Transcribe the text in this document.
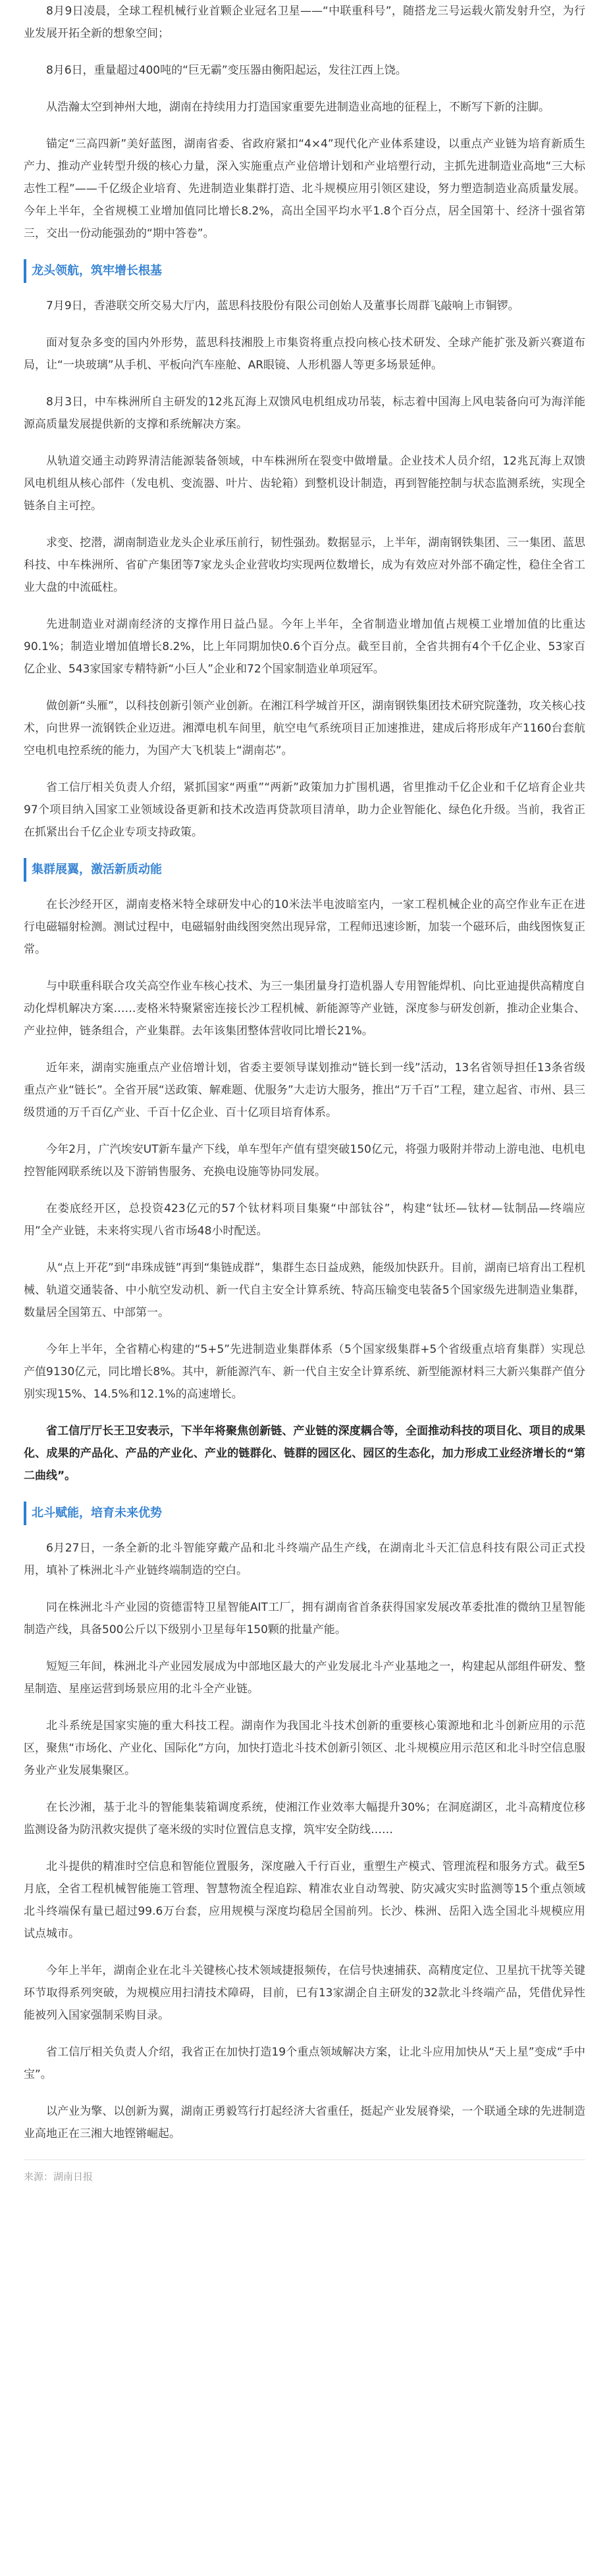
8月9日凌晨，全球工程机械行业首颗企业冠名卫星——“中联重科号”，随搭龙三号运载火箭发射升空，为行业发展开拓全新的想象空间；

8月6日，重量超过400吨的“巨无霸”变压器由衡阳起运，发往江西上饶。

从浩瀚太空到神州大地，湖南在持续用力打造国家重要先进制造业高地的征程上，不断写下新的注脚。

锚定“三高四新”美好蓝图，湖南省委、省政府紧扣“4×4”现代化产业体系建设，以重点产业链为培育新质生产力、推动产业转型升级的核心力量，深入实施重点产业倍增计划和产业培塑行动，主抓先进制造业高地“三大标志性工程”——千亿级企业培育、先进制造业集群打造、北斗规模应用引领区建设，努力塑造制造业高质量发展。今年上半年，全省规模工业增加值同比增长8.2%，高出全国平均水平1.8个百分点，居全国第十、经济十强省第三，交出一份动能强劲的“期中答卷”。

龙头领航，筑牢增长根基

7月9日，香港联交所交易大厅内，蓝思科技股份有限公司创始人及董事长周群飞敲响上市铜锣。

面对复杂多变的国内外形势，蓝思科技湘股上市集资将重点投向核心技术研发、全球产能扩张及新兴赛道布局，让“一块玻璃”从手机、平板向汽车座舱、AR眼镜、人形机器人等更多场景延伸。

8月3日，中车株洲所自主研发的12兆瓦海上双馈风电机组成功吊装，标志着中国海上风电装备向可为海洋能源高质量发展提供新的支撑和系统解决方案。

从轨道交通主动跨界清洁能源装备领域，中车株洲所在裂变中做增量。企业技术人员介绍，12兆瓦海上双馈风电机组从核心部件（发电机、变流器、叶片、齿轮箱）到整机设计制造，再到智能控制与状态监测系统，实现全链条自主可控。

求变、挖潜，湖南制造业龙头企业承压前行，韧性强劲。数据显示，上半年，湖南钢铁集团、三一集团、蓝思科技、中车株洲所、省矿产集团等7家龙头企业营收均实现两位数增长，成为有效应对外部不确定性，稳住全省工业大盘的中流砥柱。

先进制造业对湖南经济的支撑作用日益凸显。今年上半年，全省制造业增加值占规模工业增加值的比重达90.1%；制造业增加值增长8.2%，比上年同期加快0.6个百分点。截至目前，全省共拥有4个千亿企业、53家百亿企业、543家国家专精特新“小巨人”企业和72个国家制造业单项冠军。

做创新“头雁”，以科技创新引领产业创新。在湘江科学城首开区，湖南钢铁集团技术研究院蓬勃，攻关核心技术，向世界一流钢铁企业迈进。湘潭电机车间里，航空电气系统项目正加速推进，建成后将形成年产1160台套航空电机电控系统的能力，为国产大飞机装上“湖南芯”。

省工信厅相关负责人介绍，紧抓国家“两重”“两新”政策加力扩围机遇，省里推动千亿企业和千亿培育企业共97个项目纳入国家工业领域设备更新和技术改造再贷款项目清单，助力企业智能化、绿色化升级。当前，我省正在抓紧出台千亿企业专项支持政策。

集群展翼，激活新质动能

在长沙经开区，湖南麦格米特全球研发中心的10米法半电波暗室内，一家工程机械企业的高空作业车正在进行电磁辐射检测。测试过程中，电磁辐射曲线图突然出现异常，工程师迅速诊断，加装一个磁环后，曲线图恢复正常。

与中联重科联合攻关高空作业车核心技术、为三一集团量身打造机器人专用智能焊机、向比亚迪提供高精度自动化焊机解决方案……麦格米特聚紧密连接长沙工程机械、新能源等产业链，深度参与研发创新，推动企业集合、产业拉伸，链条组合，产业集群。去年该集团整体营收同比增长21%。

近年来，湖南实施重点产业倍增计划，省委主要领导谋划推动“链长到一线”活动，13名省领导担任13条省级重点产业“链长”。全省开展“送政策、解难题、优服务”大走访大服务，推出“万千百”工程，建立起省、市州、县三级贯通的万千百亿产业、千百十亿企业、百十亿项目培育体系。

今年2月，广汽埃安UT新车量产下线，单车型年产值有望突破150亿元，将强力吸附并带动上游电池、电机电控智能网联系统以及下游销售服务、充换电设施等协同发展。

在娄底经开区，总投资423亿元的57个钛材料项目集聚“中部钛谷”，构建“钛坯—钛材—钛制品—终端应用”全产业链，未来将实现八省市场48小时配送。

从“点上开花”到“串珠成链”再到“集链成群”，集群生态日益成熟，能级加快跃升。目前，湖南已培育出工程机械、轨道交通装备、中小航空发动机、新一代自主安全计算系统、特高压输变电装备5个国家级先进制造业集群，数量居全国第五、中部第一。

今年上半年，全省精心构建的“5+5”先进制造业集群体系（5个国家级集群+5个省级重点培育集群）实现总产值9130亿元，同比增长8%。其中，新能源汽车、新一代自主安全计算系统、新型能源材料三大新兴集群产值分别实现15%、14.5%和12.1%的高速增长。

省工信厅厅长王卫安表示，下半年将聚焦创新链、产业链的深度耦合等，全面推动科技的项目化、项目的成果化、成果的产品化、产品的产业化、产业的链群化、链群的园区化、园区的生态化，加力形成工业经济增长的“第二曲线”。

北斗赋能，培育未来优势

6月27日，一条全新的北斗智能穿戴产品和北斗终端产品生产线，在湖南北斗天汇信息科技有限公司正式投用，填补了株洲北斗产业链终端制造的空白。

同在株洲北斗产业园的资德雷特卫星智能AIT工厂，拥有湖南省首条获得国家发展改革委批准的微纳卫星智能制造产线，具备500公斤以下级别小卫星每年150颗的批量产能。

短短三年间，株洲北斗产业园发展成为中部地区最大的产业发展北斗产业基地之一，构建起从部组件研发、整星制造、星座运营到场景应用的北斗全产业链。

北斗系统是国家实施的重大科技工程。湖南作为我国北斗技术创新的重要核心策源地和北斗创新应用的示范区，聚焦“市场化、产业化、国际化”方向，加快打造北斗技术创新引领区、北斗规模应用示范区和北斗时空信息服务业产业发展集聚区。

在长沙湘，基于北斗的智能集装箱调度系统，使湘江作业效率大幅提升30%；在洞庭湖区，北斗高精度位移监测设备为防汛救灾提供了毫米级的实时位置信息支撑，筑牢安全防线……

北斗提供的精准时空信息和智能位置服务，深度融入千行百业，重塑生产模式、管理流程和服务方式。截至5月底，全省工程机械智能施工管理、智慧物流全程追踪、精准农业自动驾驶、防灾减灾实时监测等15个重点领域北斗终端保有量已超过99.6万台套，应用规模与深度均稳居全国前列。长沙、株洲、岳阳入选全国北斗规模应用试点城市。

今年上半年，湖南企业在北斗关键核心技术领域捷报频传，在信号快速捕获、高精度定位、卫星抗干扰等关键环节取得系列突破，为规模应用扫清技术障碍，目前，已有13家湖企自主研发的32款北斗终端产品，凭借优异性能被列入国家强制采购目录。

省工信厅相关负责人介绍，我省正在加快打造19个重点领域解决方案，让北斗应用加快从“天上星”变成“手中宝”。

以产业为擎、以创新为翼，湖南正勇毅笃行打起经济大省重任，挺起产业发展脊梁，一个联通全球的先进制造业高地正在三湘大地铿锵崛起。

来源：湖南日报
